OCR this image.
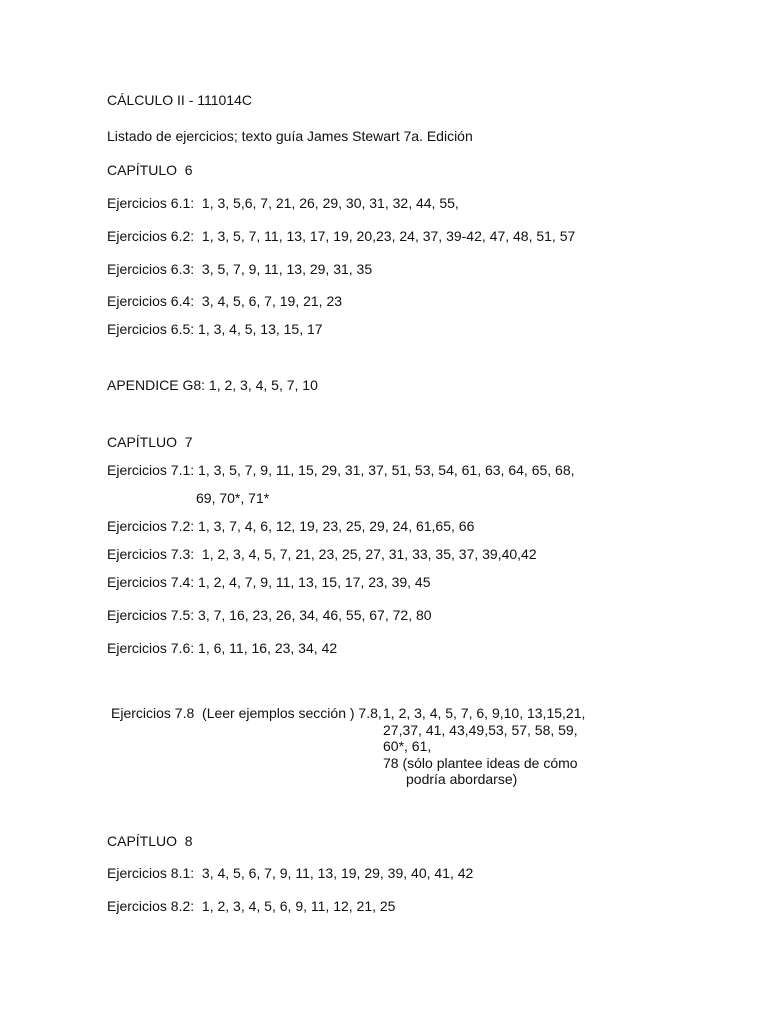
CÁLCULO II - 111014C
Listado de ejercicios; texto guía James Stewart 7a. Edición
CAPÍTULO  6
Ejercicios 6.1:  1, 3, 5,6, 7, 21, 26, 29, 30, 31, 32, 44, 55,
Ejercicios 6.2:  1, 3, 5, 7, 11, 13, 17, 19, 20,23, 24, 37, 39-42, 47, 48, 51, 57
Ejercicios 6.3:  3, 5, 7, 9, 11, 13, 29, 31, 35
Ejercicios 6.4:  3, 4, 5, 6, 7, 19, 21, 23
Ejercicios 6.5: 1, 3, 4, 5, 13, 15, 17
APENDICE G8: 1, 2, 3, 4, 5, 7, 10
CAPÍTLUO  7
Ejercicios 7.1: 1, 3, 5, 7, 9, 11, 15, 29, 31, 37, 51, 53, 54, 61, 63, 64, 65, 68,
69, 70*, 71*
Ejercicios 7.2: 1, 3, 7, 4, 6, 12, 19, 23, 25, 29, 24, 61,65, 66
Ejercicios 7.3:  1, 2, 3, 4, 5, 7, 21, 23, 25, 27, 31, 33, 35, 37, 39,40,42
Ejercicios 7.4: 1, 2, 4, 7, 9, 11, 13, 15, 17, 23, 39, 45
Ejercicios 7.5: 3, 7, 16, 23, 26, 34, 46, 55, 67, 72, 80
Ejercicios 7.6: 1, 6, 11, 16, 23, 34, 42
Ejercicios 7.8  (Leer ejemplos sección ) 7.8, 1, 2, 3, 4, 5, 7, 6, 9,10, 13,15,21,
27,37, 41, 43,49,53, 57, 58, 59,
60*, 61,
78 (sólo plantee ideas de cómo
podría abordarse)
CAPÍTLUO  8
Ejercicios 8.1:  3, 4, 5, 6, 7, 9, 11, 13, 19, 29, 39, 40, 41, 42
Ejercicios 8.2:  1, 2, 3, 4, 5, 6, 9, 11, 12, 21, 25
